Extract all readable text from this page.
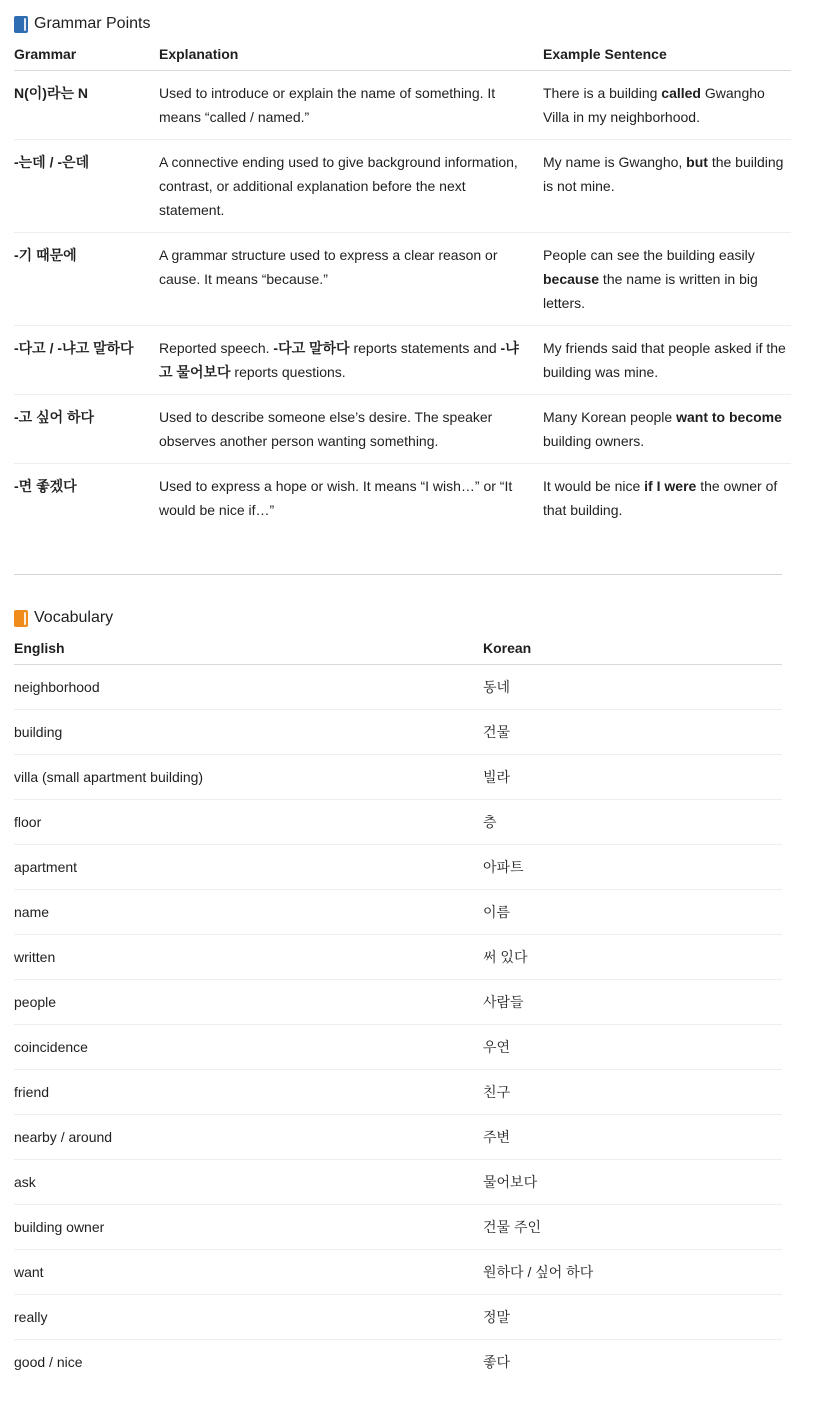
Grammar Points
Grammar	Explanation	Example Sentence
N(이)라는 N	Used to introduce or explain the name of something. It means “called / named.”	There is a building called Gwangho Villa in my neighborhood.
-는데 / -은데	A connective ending used to give background information, contrast, or additional explanation before the next statement.	My name is Gwangho, but the building is not mine.
-기 때문에	A grammar structure used to express a clear reason or cause. It means “because.”	People can see the building easily because the name is written in big letters.
-다고 / -냐고 말하다	Reported speech. -다고 말하다 reports statements and -냐고 물어보다 reports questions.	My friends said that people asked if the building was mine.
-고 싶어 하다	Used to describe someone else’s desire. The speaker observes another person wanting something.	Many Korean people want to become building owners.
-면 좋겠다	Used to express a hope or wish. It means “I wish…” or “It would be nice if…”	It would be nice if I were the owner of that building.
Vocabulary
English	Korean
neighborhood	동네
building	건물
villa (small apartment building)	빌라
floor	층
apartment	아파트
name	이름
written	써 있다
people	사람들
coincidence	우연
friend	친구
nearby / around	주변
ask	물어보다
building owner	건물 주인
want	원하다 / 싶어 하다
really	정말
good / nice	좋다
